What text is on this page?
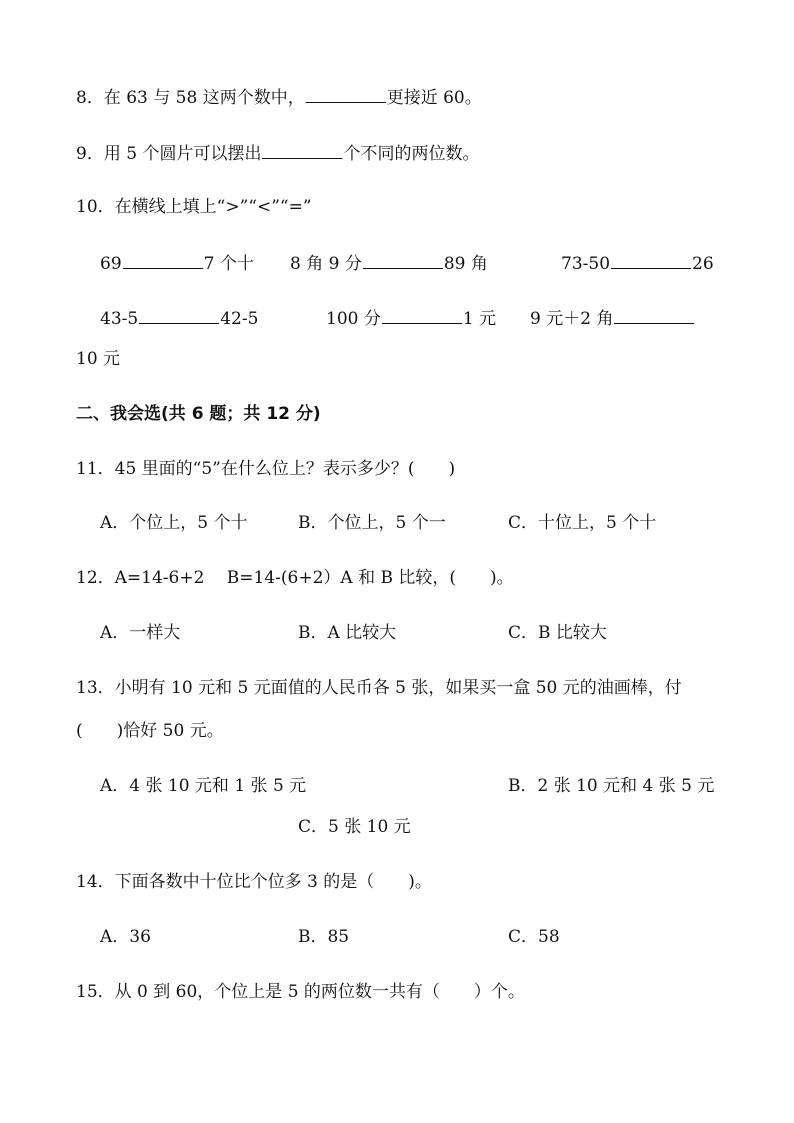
8．在 63 与 58 这两个数中，	更接近 60。
9．用 5 个圆片可以摆出	个不同的两位数。
10．在横线上填上“>”“<”“=”
69	7 个十 8 角 9 分	89 角	73-50	26
43-5	42-5	100 分	1 元 9 元＋2 角
10 元
二、我会选(共 6 题；共 12 分)
11．45 里面的“5”在什么位上？表示多少？(　　)
A．个位上，5 个十	B．个位上，5 个一	C．十位上，5 个十
12．A=14-6+2　 B=14-(6+2）A 和 B 比较，(　　)。
A．一样大	B．A 比较大	C．B 比较大
13．小明有 10 元和 5 元面值的人民币各 5 张，如果买一盒 50 元的油画棒，付
(　　)恰好 50 元。
A．4 张 10 元和 1 张 5 元	B．2 张 10 元和 4 张 5 元
C．5 张 10 元
14．下面各数中十位比个位多 3 的是（　　)。
A．36	B．85	C．58
15．从 0 到 60，个位上是 5 的两位数一共有（　　）个。
